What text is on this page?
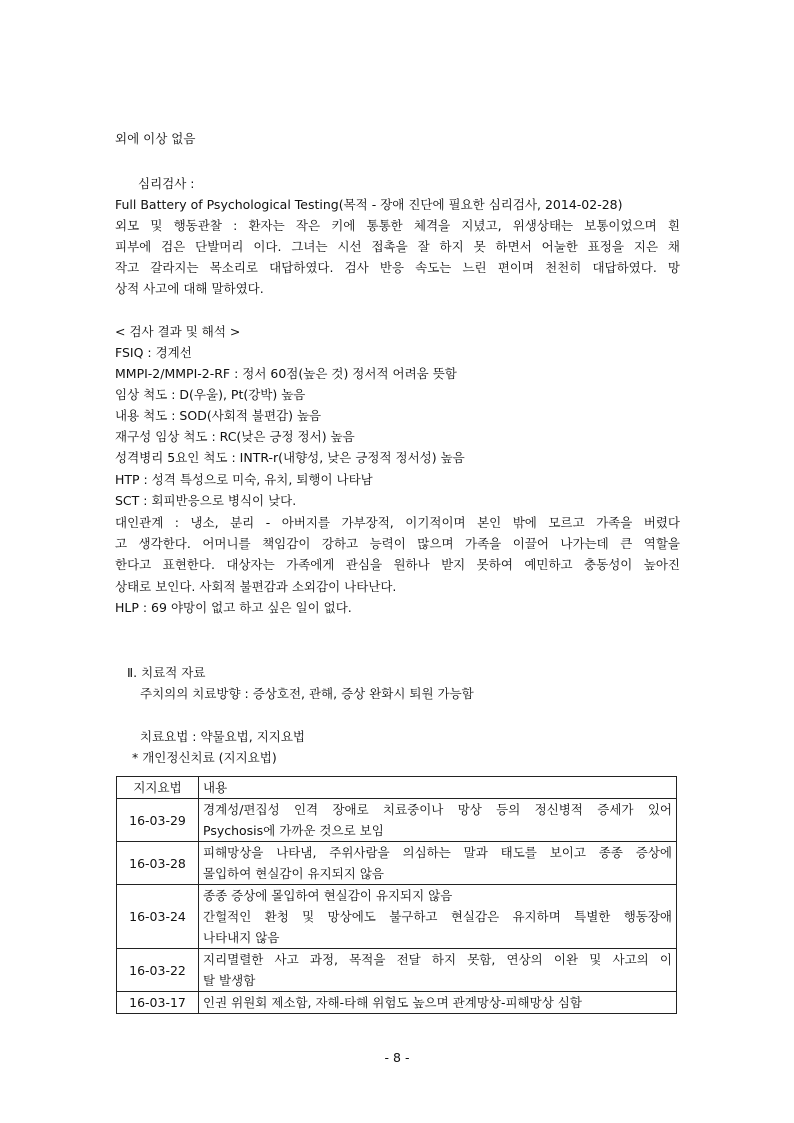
외에 이상 없음
심리검사 :
Full Battery of Psychological Testing(목적 - 장애 진단에 필요한 심리검사, 2014-02-28)
외모 및 행동관찰 : 환자는 작은 키에 통통한 체격을 지녔고, 위생상태는 보통이었으며 흰
피부에 검은 단발머리 이다. 그녀는 시선 접촉을 잘 하지 못 하면서 어눌한 표정을 지은 채
작고 갈라지는 목소리로 대답하였다. 검사 반응 속도는 느린 편이며 천천히 대답하였다. 망
상적 사고에 대해 말하였다.
< 검사 결과 및 해석 >
FSIQ : 경계선
MMPI-2/MMPI-2-RF : 정서 60점(높은 것) 정서적 어려움 뜻함
임상 척도 : D(우울), Pt(강박) 높음
내용 척도 : SOD(사회적 불편감) 높음
재구성 임상 척도 : RC(낮은 긍정 정서) 높음
성격병리 5요인 척도 : INTR-r(내향성, 낮은 긍정적 정서성) 높음
HTP : 성격 특성으로 미숙, 유치, 퇴행이 나타남
SCT : 회피반응으로 병식이 낮다.
대인관계 : 냉소, 분리 - 아버지를 가부장적, 이기적이며 본인 밖에 모르고 가족을 버렸다
고 생각한다. 어머니를 책임감이 강하고 능력이 많으며 가족을 이끌어 나가는데 큰 역할을
한다고 표현한다. 대상자는 가족에게 관심을 원하나 받지 못하여 예민하고 충동성이 높아진
상태로 보인다. 사회적 불편감과 소외감이 나타난다.
HLP : 69 야망이 없고 하고 싶은 일이 없다.
Ⅱ. 치료적 자료
주치의의 치료방향 : 증상호전, 관해, 증상 완화시 퇴원 가능함
치료요법 : 약물요법, 지지요법
* 개인정신치료 (지지요법)
지지요법	내용
16-03-29	경계성/편집성 인격 장애로 치료중이나 망상 등의 정신병적 증세가 있어
Psychosis에 가까운 것으로 보임

16-03-28	피해망상을 나타냄, 주위사람을 의심하는 말과 태도를 보이고 종종 증상에
몰입하여 현실감이 유지되지 않음

16-03-24	종종 증상에 몰입하여 현실감이 유지되지 않음
간헐적인 환청 및 망상에도 불구하고 현실감은 유지하며 특별한 행동장애
나타내지 않음

16-03-22	지리멸렬한 사고 과정, 목적을 전달 하지 못함, 연상의 이완 및 사고의 이
탈 발생함

16-03-17	인권 위원회 제소함, 자해-타해 위험도 높으며 관계망상-피해망상 심함
- 8 -
